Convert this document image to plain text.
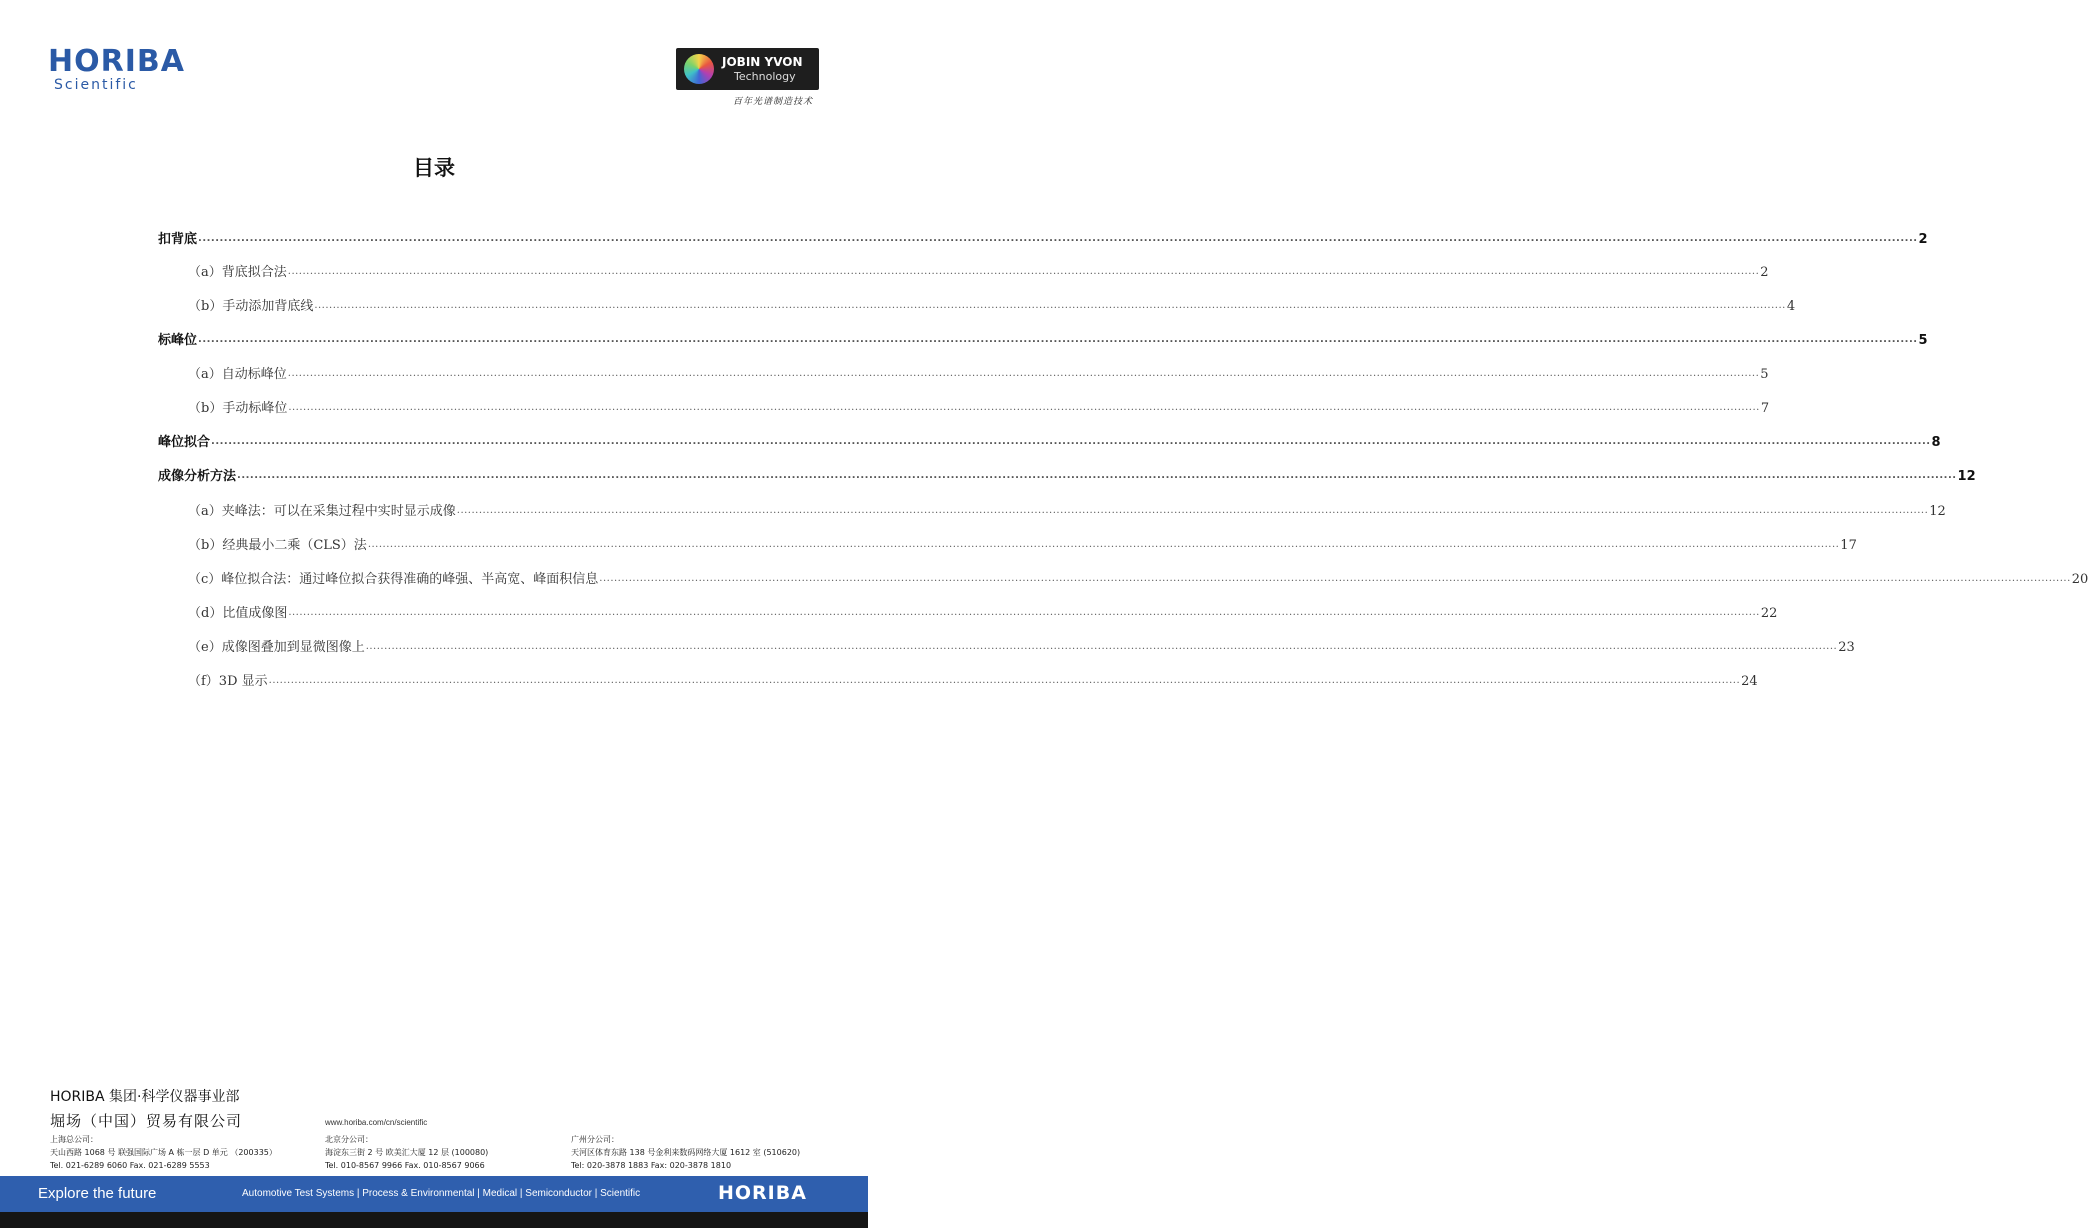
HORIBA
Scientific
JOBIN YVON
Technology
百年光谱制造技术
目录
扣背底 ................................................................................................................................................................................................................................................................................................................................................................................................................ 2
（a）背底拟合法 ................................................................................................................................................................................................................................................................................................................................................................................................................ 2
（b）手动添加背底线 ................................................................................................................................................................................................................................................................................................................................................................................................................ 4
标峰位 ................................................................................................................................................................................................................................................................................................................................................................................................................ 5
（a）自动标峰位 ................................................................................................................................................................................................................................................................................................................................................................................................................ 5
（b）手动标峰位 ................................................................................................................................................................................................................................................................................................................................................................................................................ 7
峰位拟合 ................................................................................................................................................................................................................................................................................................................................................................................................................ 8
成像分析方法 ................................................................................................................................................................................................................................................................................................................................................................................................................ 12
（a）夹峰法：可以在采集过程中实时显示成像 ................................................................................................................................................................................................................................................................................................................................................................................................................ 12
（b）经典最小二乘（CLS）法 ................................................................................................................................................................................................................................................................................................................................................................................................................ 17
（c）峰位拟合法：通过峰位拟合获得准确的峰强、半高宽、峰面积信息 ................................................................................................................................................................................................................................................................................................................................................................................................................ 20
（d）比值成像图 ................................................................................................................................................................................................................................................................................................................................................................................................................ 22
（e）成像图叠加到显微图像上 ................................................................................................................................................................................................................................................................................................................................................................................................................ 23
（f）3D 显示 ................................................................................................................................................................................................................................................................................................................................................................................................................ 24
HORIBA 集团·科学仪器事业部
堀场（中国）贸易有限公司	www.horiba.com/cn/scientific
上海总公司：
天山西路 1068 号 联强国际广场 A 栋一层 D 单元 （200335）
Tel. 021-6289 6060 Fax. 021-6289 5553
北京分公司：
海淀东三街 2 号 欧美汇大厦 12 层 (100080)
Tel. 010-8567 9966 Fax. 010-8567 9066
广州分公司：
天河区体育东路 138 号金利来数码网络大厦 1612 室 (510620)
Tel: 020-3878 1883 Fax: 020-3878 1810
Explore the future	Automotive Test Systems | Process & Environmental | Medical | Semiconductor | Scientific	HORIBA
